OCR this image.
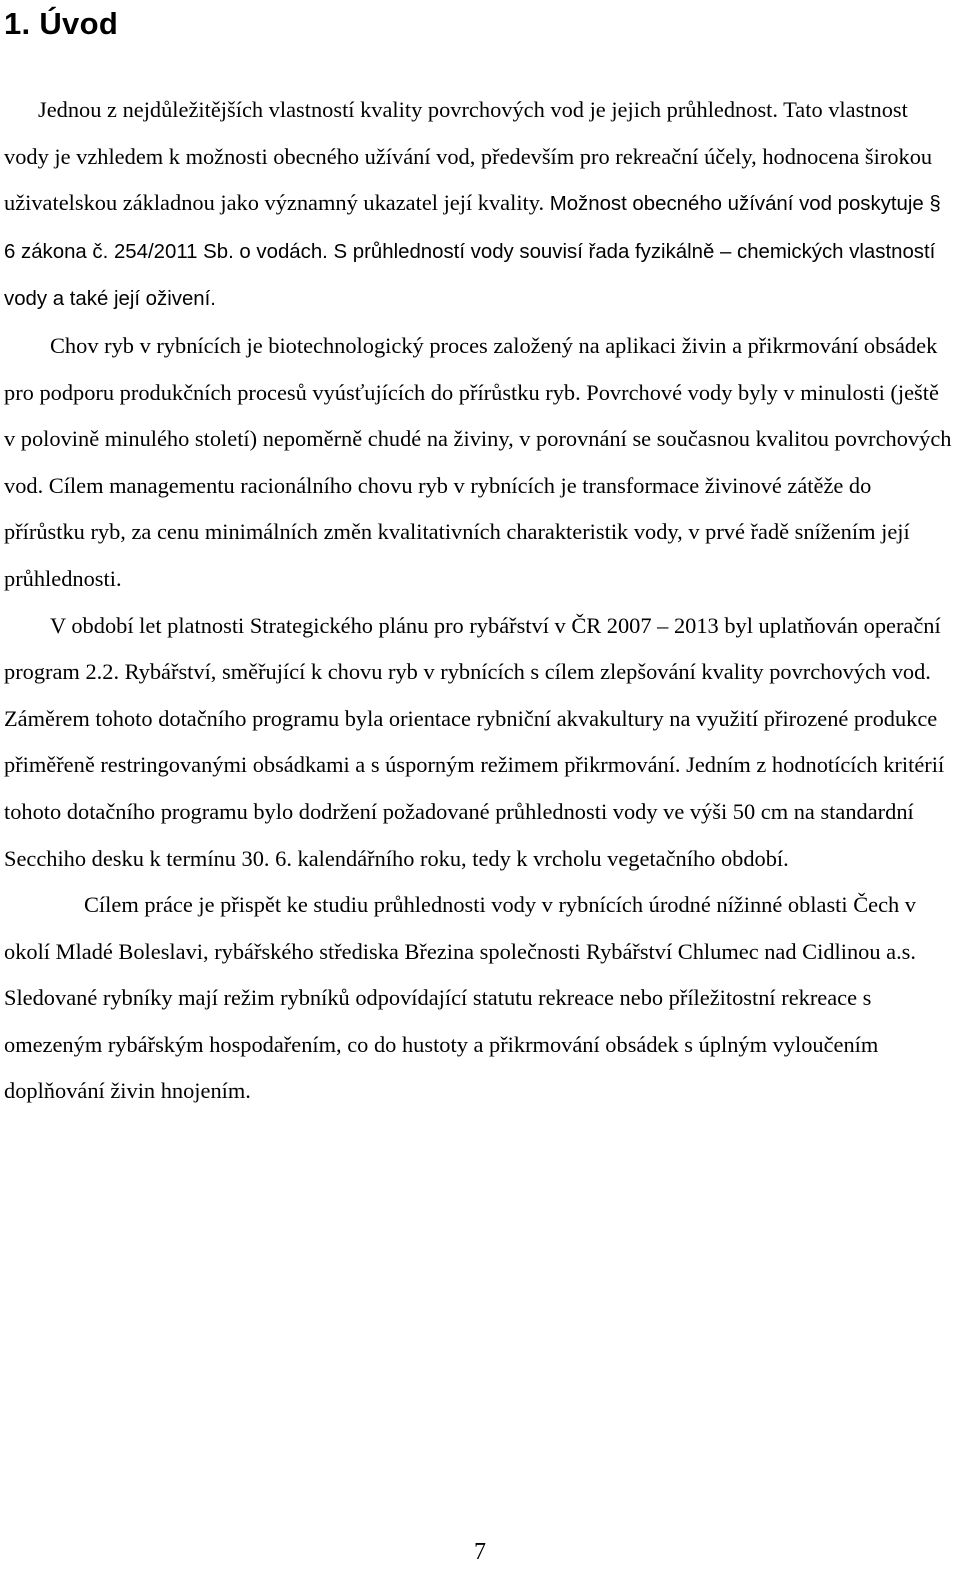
1. Úvod

Jednou z nejdůležitějších vlastností kvality povrchových vod je jejich průhlednost. Tato vlastnost vody je vzhledem k možnosti obecného užívání vod, především pro rekreační účely, hodnocena širokou uživatelskou základnou jako významný ukazatel její kvality. Možnost obecného užívání vod poskytuje § 6 zákona č. 254/2011 Sb. o vodách. S průhledností vody souvisí řada fyzikálně – chemických vlastností vody a také její oživení.

Chov ryb v rybnících je biotechnologický proces založený na aplikaci živin a přikrmování obsádek pro podporu produkčních procesů vyúsťujících do přírůstku ryb. Povrchové vody byly v minulosti (ještě v polovině minulého století) nepoměrně chudé na živiny, v porovnání se současnou kvalitou povrchových vod. Cílem managementu racionálního chovu ryb v rybnících je transformace živinové zátěže do přírůstku ryb, za cenu minimálních změn kvalitativních charakteristik vody, v prvé řadě snížením její průhlednosti.

V období let platnosti Strategického plánu pro rybářství v ČR 2007 – 2013 byl uplatňován operační program 2.2. Rybářství, směřující k chovu ryb v rybnících s cílem zlepšování kvality povrchových vod. Záměrem tohoto dotačního programu byla orientace rybniční akvakultury na využití přirozené produkce přiměřeně restringovanými obsádkami a s úsporným režimem přikrmování. Jedním z hodnotících kritérií tohoto dotačního programu bylo dodržení požadované průhlednosti vody ve výši 50 cm na standardní Secchiho desku k termínu 30. 6. kalendářního roku, tedy k vrcholu vegetačního období.

Cílem práce je přispět ke studiu průhlednosti vody v rybnících úrodné nížinné oblasti Čech v okolí Mladé Boleslavi, rybářského střediska Březina společnosti Rybářství Chlumec nad Cidlinou a.s. Sledované rybníky mají režim rybníků odpovídající statutu rekreace nebo příležitostní rekreace s omezeným rybářským hospodařením, co do hustoty a přikrmování obsádek s úplným vyloučením doplňování živin hnojením.

7
